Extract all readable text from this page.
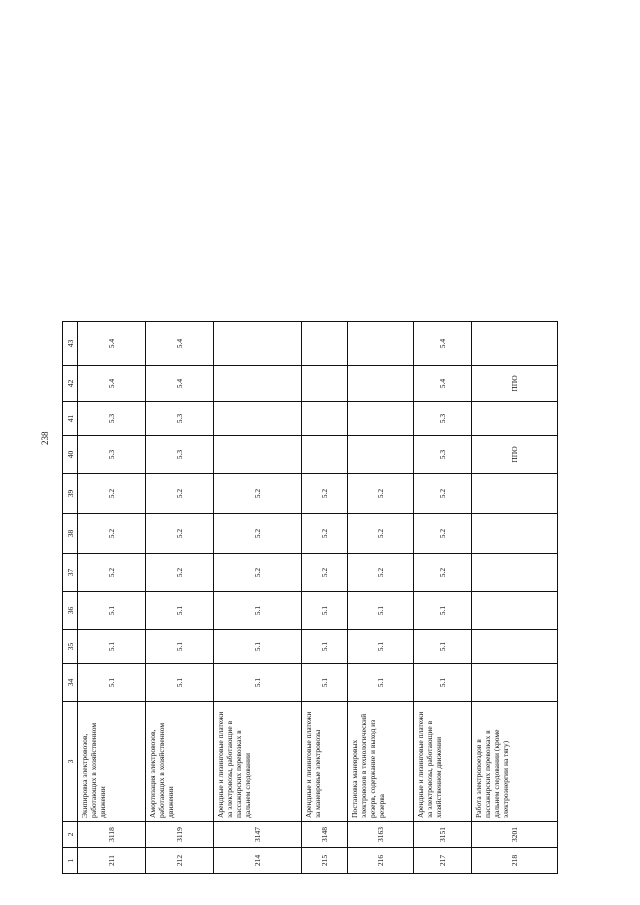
238
1	2	3	34	35	36	37	38	39	40	41	42	43
211	3118	Экипировка электровозов, работающих в хозяйственном движении	5.1	5.1	5.1	5.2	5.2	5.2	5.3	5.3	5.4	5.4
212	3119	Амортизация электровозов, работающих в хозяйственном движении	5.1	5.1	5.1	5.2	5.2	5.2	5.3	5.3	5.4	5.4
214	3147	Арендные и лизинговые платежи за электровозы, работающие в пассажирских перевозках в дальнем следовании	5.1	5.1	5.1	5.2	5.2	5.2				
215	3148	Арендные и лизинговые платежи за маневровые электровозы	5.1	5.1	5.1	5.2	5.2	5.2				
216	3163	Постановка маневровых электровозов в технологический резерв, содержание и выход из резерва	5.1	5.1	5.1	5.2	5.2	5.2				
217	3151	Арендные и лизинговые платежи за электровозы, работающие в хозяйственном движении	5.1	5.1	5.1	5.2	5.2	5.2	5.3	5.3	5.4	5.4
218	3201	Работа электропоездов в пассажирских перевозках в дальнем следовании (кроме электроэнергии на тягу)							ППО		ППО	
